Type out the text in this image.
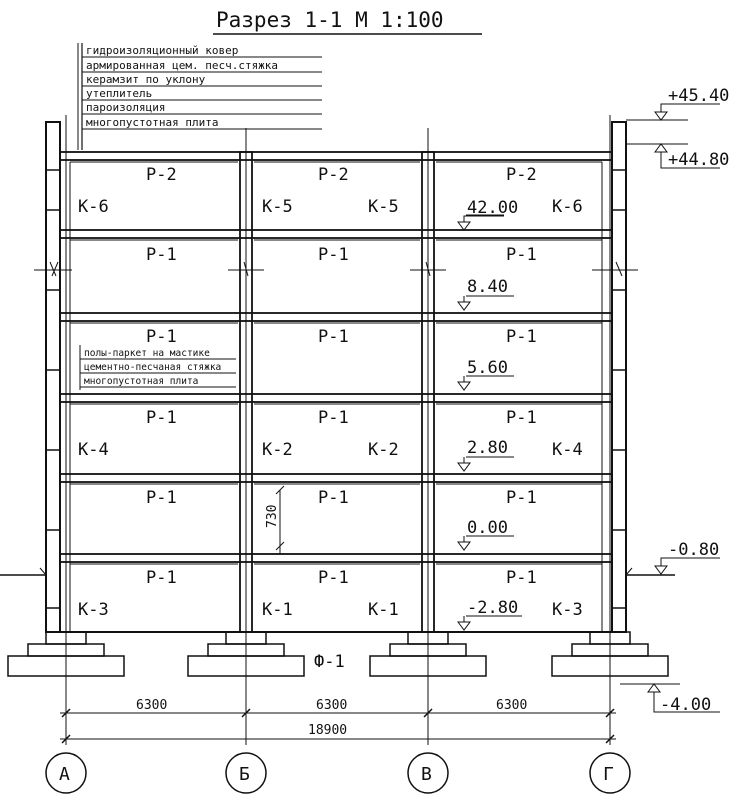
Разрез 1-1 М 1:100
гидроизоляционный ковер
армированная цем. песч.стяжка
керамзит по уклону
утеплитель
пароизоляция
многопустотная плита
полы-паркет на мастике
цементно-песчаная стяжка
многопустотная плита
Р-2	Р-2	Р-2
Р-1	Р-1	Р-1
Р-1	Р-1	Р-1
Р-1	Р-1	Р-1
Р-1	Р-1	Р-1
Р-1	Р-1	Р-1
К-6	К-5	К-5	К-6
К-4	К-2	К-2	К-4
К-3	К-1	К-1	К-3
42.00
8.40
5.60
2.80
0.00
-2.80
730
+45.40
+44.80
-0.80
-4.00
Ф-1
6300	6300	6300
18900
А	Б	В	Г
